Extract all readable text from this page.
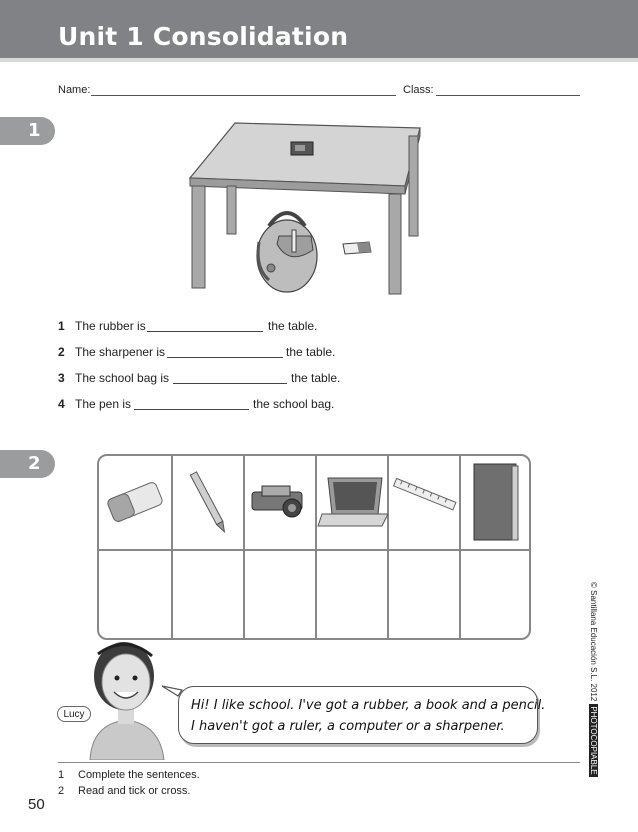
Unit 1 Consolidation
Name:	Class:
1
1 The rubber is	the table.
2 The sharpener is	the table.
3 The school bag is	the table.
4 The pen is	the school bag.
2
Lucy
Hi! I like school. I've got a rubber, a book and a pencil.
I haven't got a ruler, a computer or a sharpener.
1 Complete the sentences.
2 Read and tick or cross.
50
© Santillana Educación S.L. 2012PHOTOCOPIABLE
